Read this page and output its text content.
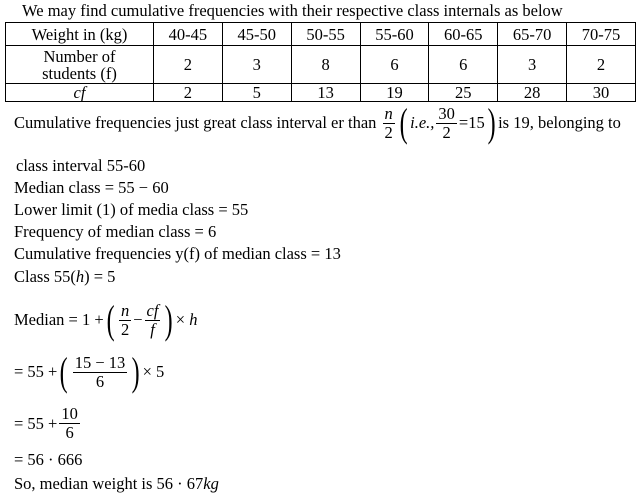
We may find cumulative frequencies with their respective class internals as below
Weight in (kg)	40-45	45-50	50-55	55-60	60-65	65-70	70-75
Number of students (f)	2	3	8	6	6	3	2
cf	2	5	13	19	25	28	30
Cumulative frequencies just great class interval er than
$\frac{n}{2}$ ( i.e., $\frac{30}{2} =15$ ) is 19, belonging to
class interval 55-60
Median class = 55 − 60
Lower limit (1) of media class = 55
Frequency of median class = 6
Cumulative frequencies y(f) of median class = 13
Class 55(h) = 5
Median = 1 + ( $\frac{n}{2} - \frac{cf}{f}$ ) ×
h
= 55 + ( $\frac{15 - 13}{6}$ ) × 5
= $55 + \frac{10}{6}$
= 56 · 666
So, median weight is 56 · 67kg
